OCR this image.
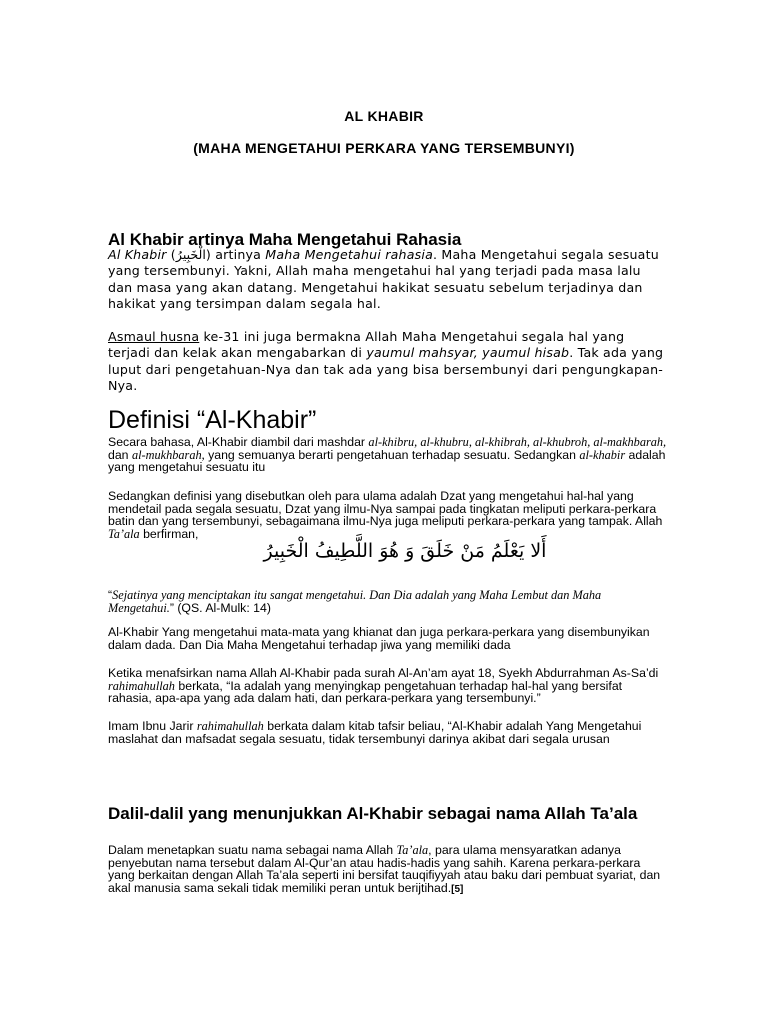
AL KHABIR
(MAHA MENGETAHUI PERKARA YANG TERSEMBUNYI)
Al Khabir artinya Maha Mengetahui Rahasia
Al Khabir (الْخَبِيرُ) artinya Maha Mengetahui rahasia. Maha Mengetahui segala sesuatu yang tersembunyi. Yakni, Allah maha mengetahui hal yang terjadi pada masa lalu dan masa yang akan datang. Mengetahui hakikat sesuatu sebelum terjadinya dan hakikat yang tersimpan dalam segala hal.
Asmaul husna ke-31 ini juga bermakna Allah Maha Mengetahui segala hal yang terjadi dan kelak akan mengabarkan di yaumul mahsyar, yaumul hisab. Tak ada yang luput dari pengetahuan-Nya dan tak ada yang bisa bersembunyi dari pengungkapan-Nya.
Definisi “Al-Khabir”
Secara bahasa, Al-Khabir diambil dari mashdar al-khibru, al-khubru, al-khibrah, al-khubroh, al-makhbarah, dan al-mukhbarah, yang semuanya berarti pengetahuan terhadap sesuatu. Sedangkan al-khabir adalah yang mengetahui sesuatu itu
Sedangkan definisi yang disebutkan oleh para ulama adalah Dzat yang mengetahui hal-hal yang mendetail pada segala sesuatu, Dzat yang ilmu-Nya sampai pada tingkatan meliputi perkara-perkara batin dan yang tersembunyi, sebagaimana ilmu-Nya juga meliputi perkara-perkara yang tampak. Allah Ta’ala berfirman,
أَلا يَعْلَمُ مَنْ خَلَقَ وَ هُوَ اللَّطِيفُ الْخَبِيرُ
“Sejatinya yang menciptakan itu sangat mengetahui. Dan Dia adalah yang Maha Lembut dan Maha Mengetahui.” (QS. Al-Mulk: 14)
Al-Khabir Yang mengetahui mata-mata yang khianat dan juga perkara-perkara yang disembunyikan dalam dada. Dan Dia Maha Mengetahui terhadap jiwa yang memiliki dada
Ketika menafsirkan nama Allah Al-Khabir pada surah Al-An’am ayat 18, Syekh Abdurrahman As-Sa’di rahimahullah berkata, “Ia adalah yang menyingkap pengetahuan terhadap hal-hal yang bersifat rahasia, apa-apa yang ada dalam hati, dan perkara-perkara yang tersembunyi.”
Imam Ibnu Jarir rahimahullah berkata dalam kitab tafsir beliau, “Al-Khabir adalah Yang Mengetahui maslahat dan mafsadat segala sesuatu, tidak tersembunyi darinya akibat dari segala urusan
Dalil-dalil yang menunjukkan Al-Khabir sebagai nama Allah Ta’ala
Dalam menetapkan suatu nama sebagai nama Allah Ta’ala, para ulama mensyaratkan adanya penyebutan nama tersebut dalam Al-Qur’an atau hadis-hadis yang sahih. Karena perkara-perkara yang berkaitan dengan Allah Ta’ala seperti ini bersifat tauqifiyyah atau baku dari pembuat syariat, dan akal manusia sama sekali tidak memiliki peran untuk berijtihad.[5]
